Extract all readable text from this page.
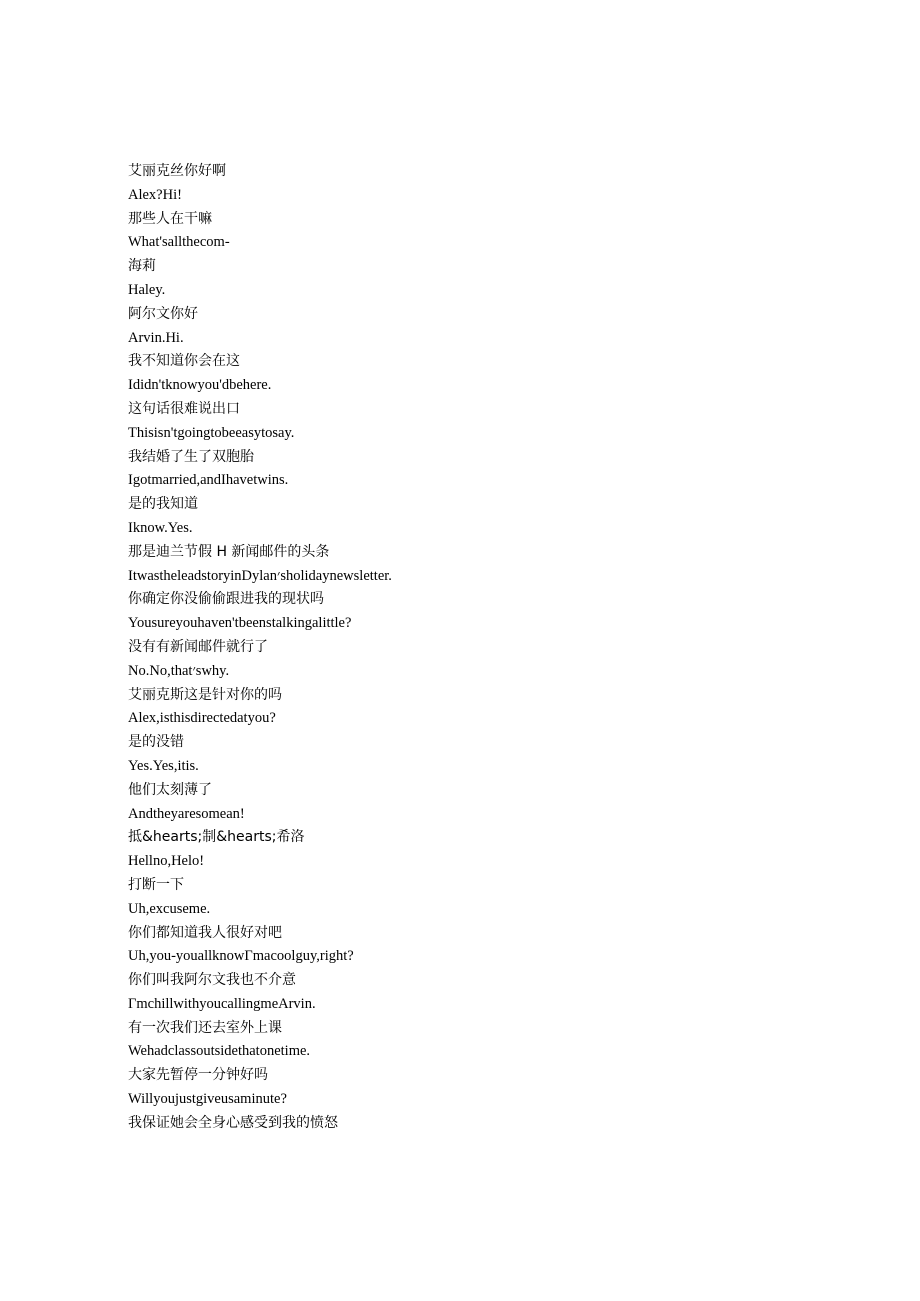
艾丽克丝你好啊
Alex?Hi!
那些人在干嘛
What'sallthecom-
海莉
Haley.
阿尔文你好
Arvin.Hi.
我不知道你会在这
Ididn'tknowyou'dbehere.
这句话很难说出口
Thisisn'tgoingtobeeasytosay.
我结婚了生了双胞胎
Igotmarried,andIhavetwins.
是的我知道
Iknow.Yes.
那是迪兰节假 H 新闻邮件的头条
ItwastheleadstoryinDylan׳sholidaynewsletter.
你确定你没偷偷跟进我的现状吗
Yousureyouhaven'tbeenstalkingalittle?
没有有新闻邮件就行了
No.No,that׳swhy.
艾丽克斯这是针对你的吗
Alex,isthisdirectedatyou?
是的没错
Yes.Yes,itis.
他们太刻薄了
Andtheyaresomean!
抵&hearts;制&hearts;希洛
Hellno,Helo!
打断一下
Uh,excuseme.
你们都知道我人很好对吧
Uh,you-youallknowΓmacoolguy,right?
你们叫我阿尔文我也不介意
ΓmchillwithyoucallingmeArvin.
有一次我们还去室外上课
Wehadclassoutsidethatonetime.
大家先暂停一分钟好吗
Willyoujustgiveusaminute?
我保证她会全身心感受到我的愤怒
